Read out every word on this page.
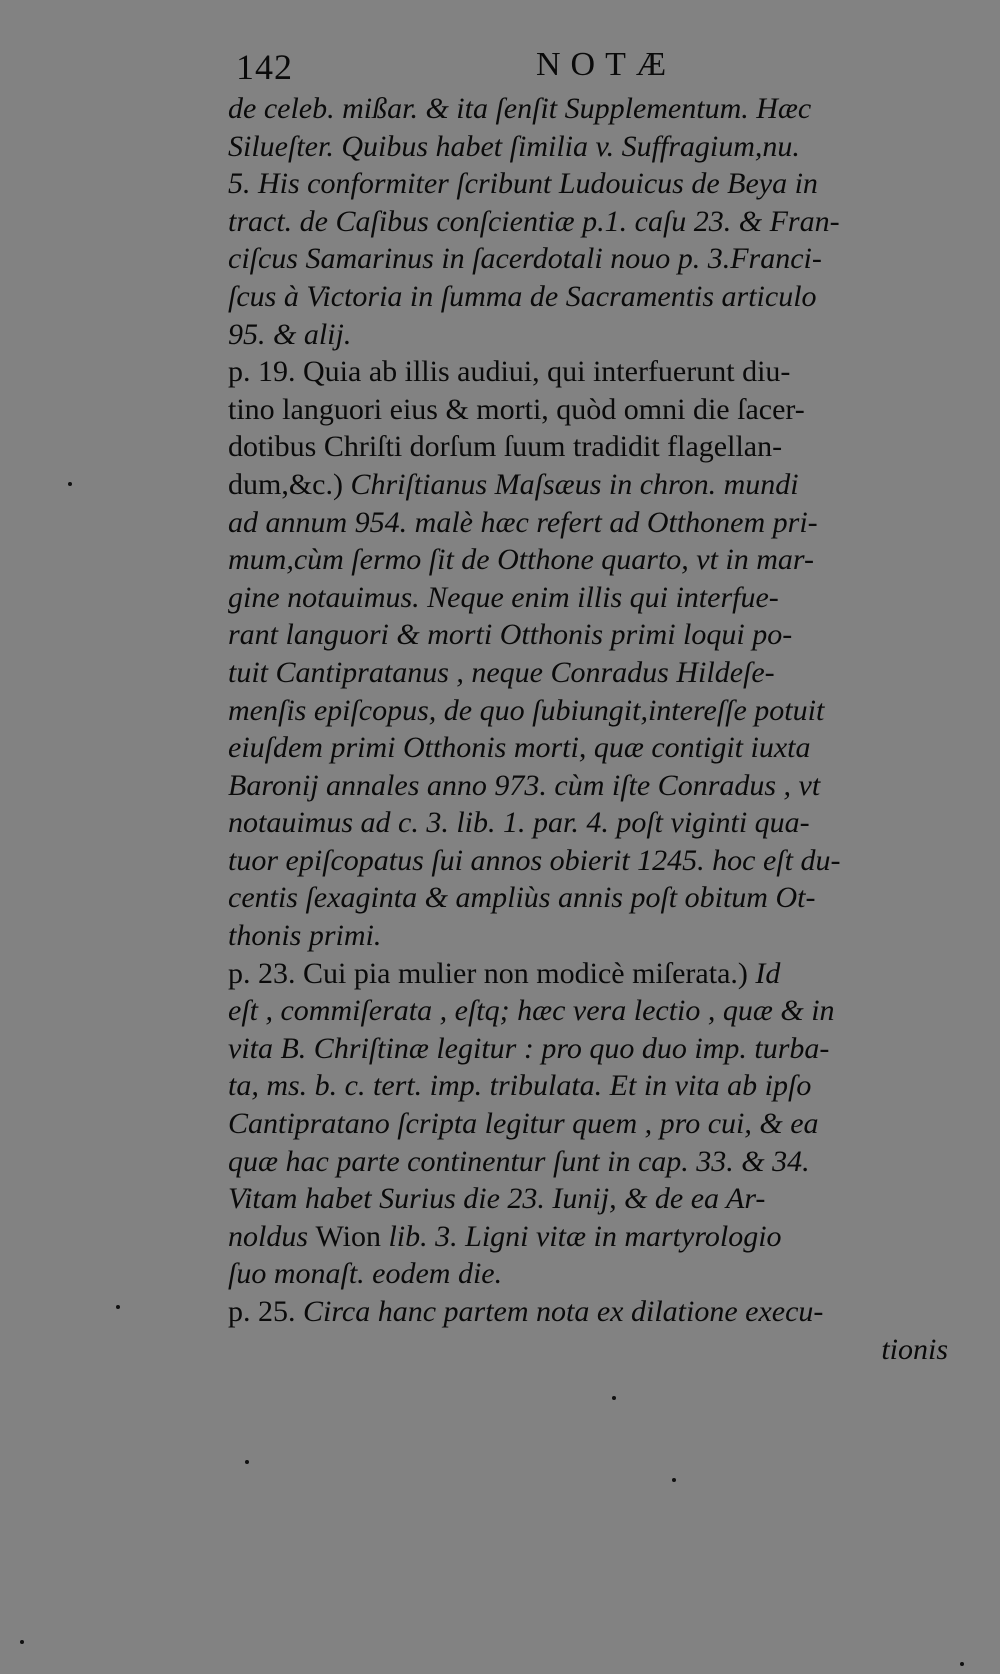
142	NOTÆ
de celeb. mißar. & ita ſenſit Supplementum. Hæc
Silueſter. Quibus habet ſimilia v. Suffragium,nu.
5. His conformiter ſcribunt Ludouicus de Beya in
tract. de Caſibus conſcientiæ p.1. caſu 23. & Fran-
ciſcus Samarinus in ſacerdotali nouo p. 3.Franci-
ſcus à Victoria in ſumma de Sacramentis articulo
95. & alij.
p. 19. Quia ab illis audiui, qui interfuerunt diu-
tino languori eius & morti, quòd omni die ſacer-
dotibus Chriſti dorſum ſuum tradidit flagellan-
dum,&c.) Chriſtianus Maſsæus in chron. mundi
ad annum 954. malè hæc refert ad Otthonem pri-
mum,cùm ſermo ſit de Otthone quarto, vt in mar-
gine notauimus. Neque enim illis qui interfue-
rant languori & morti Otthonis primi loqui po-
tuit Cantipratanus , neque Conradus Hildeſe-
menſis epiſcopus, de quo ſubiungit,intereſſe potuit
eiuſdem primi Otthonis morti, quæ contigit iuxta
Baronij annales anno 973. cùm iſte Conradus , vt
notauimus ad c. 3. lib. 1. par. 4. poſt viginti qua-
tuor epiſcopatus ſui annos obierit 1245. hoc eſt du-
centis ſexaginta & ampliùs annis poſt obitum Ot-
thonis primi.
p. 23. Cui pia mulier non modicè miſerata.) Id
eſt , commiſerata , eſtq; hæc vera lectio , quæ & in
vita B. Chriſtinæ legitur : pro quo duo imp. turba-
ta, ms. b. c. tert. imp. tribulata. Et in vita ab ipſo
Cantipratano ſcripta legitur quem , pro cui, & ea
quæ hac parte continentur ſunt in cap. 33. & 34.
Vitam habet Surius die 23. Iunij, & de ea Ar-
noldus Wion lib. 3. Ligni vitæ in martyrologio
ſuo monaſt. eodem die.
p. 25. Circa hanc partem nota ex dilatione execu-
tionis
